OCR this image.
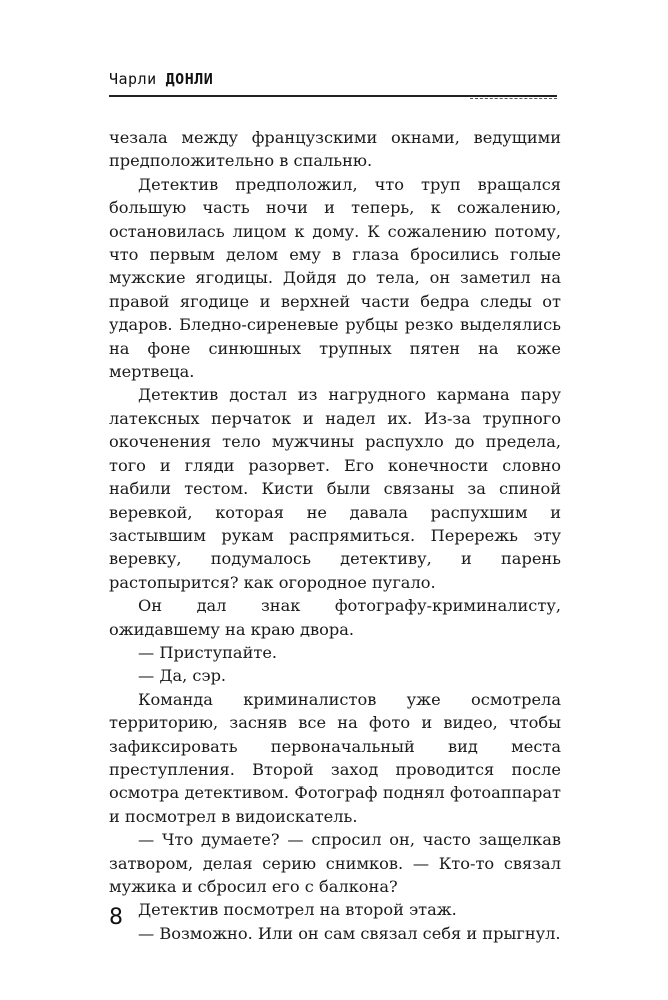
Чарли ДОНЛИ

чезала между французскими окнами, ведущими предположительно в спальню.

Детектив предположил, что труп вращался большую часть ночи и теперь, к сожалению, остановилась лицом к дому. К сожалению потому, что первым делом ему в глаза бросились голые мужские ягодицы. Дойдя до тела, он заметил на правой ягодице и верхней части бедра следы от ударов. Бледно-сиреневые рубцы резко выделялись на фоне синюшных трупных пятен на коже мертвеца.

Детектив достал из нагрудного кармана пару латексных перчаток и надел их. Из-за трупного окоченения тело мужчины распухло до предела, того и гляди разорвет. Его конечности словно набили тестом. Кисти были связаны за спиной веревкой, которая не давала распухшим и застывшим рукам распрямиться. Перережь эту веревку, подумалось детективу, и парень растопырится? как огородное пугало.

Он дал знак фотографу-криминалисту, ожидавшему на краю двора.

— Приступайте.

— Да, сэр.

Команда криминалистов уже осмотрела территорию, засняв все на фото и видео, чтобы зафиксировать первоначальный вид места преступления. Второй заход проводится после осмотра детективом. Фотограф поднял фотоаппарат и посмотрел в видоискатель.

— Что думаете? — спросил он, часто защелкав затвором, делая серию снимков. — Кто-то связал мужика и сбросил его с балкона?

Детектив посмотрел на второй этаж.

— Возможно. Или он сам связал себя и прыгнул.

8
